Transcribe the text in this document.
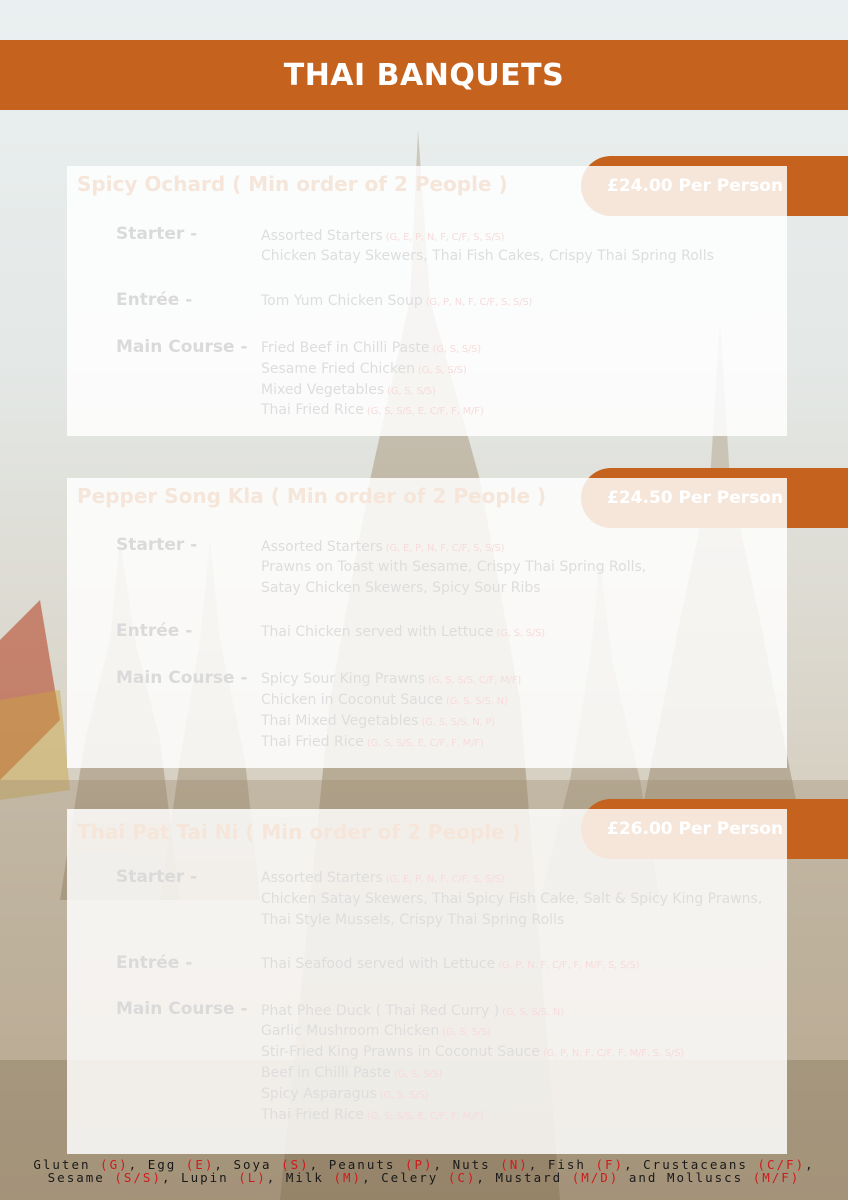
THAI BANQUETS
Gluten (G), Egg (E), Soya (S), Peanuts (P), Nuts (N), Fish (F), Crustaceans (C/F),
Sesame (S/S), Lupin (L), Milk (M), Celery (C), Mustard (M/D) and Molluscs (M/F)
